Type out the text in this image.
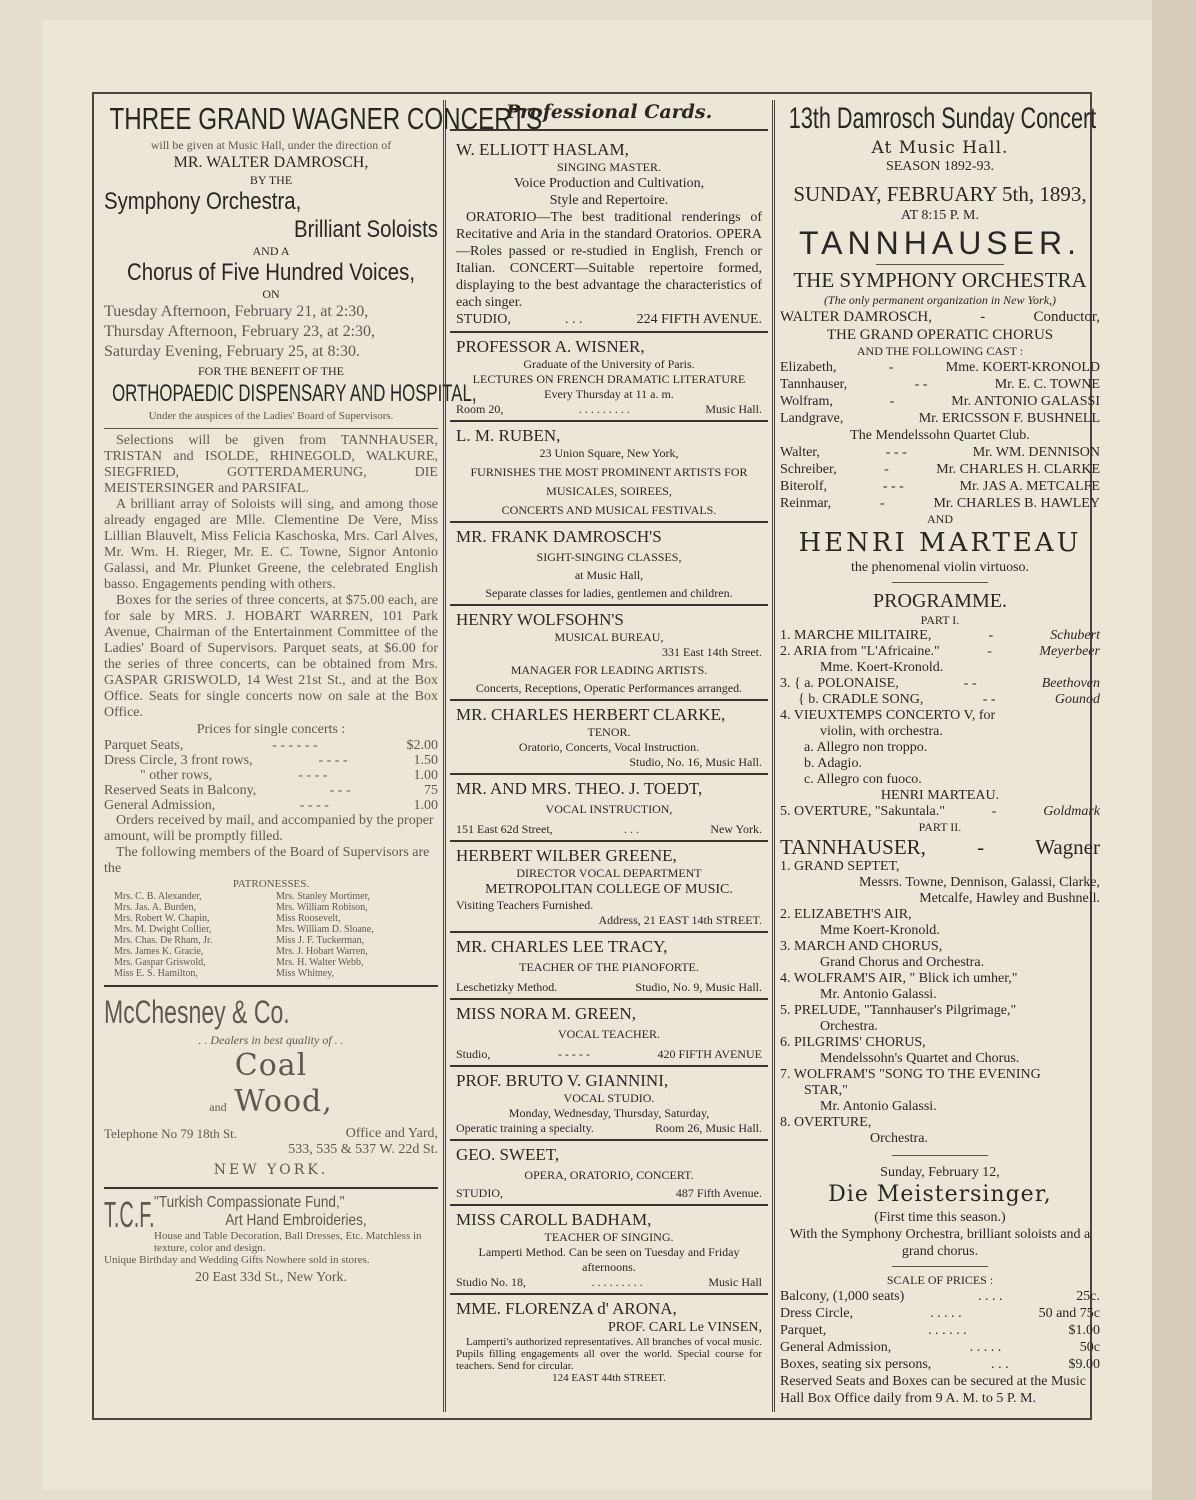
THREE GRAND WAGNER CONCERTS

will be given at Music Hall, under the direction of

MR. WALTER DAMROSCH,

BY THE

Symphony Orchestra,

Brilliant Soloists

AND A

Chorus of Five Hundred Voices,

ON

Tuesday Afternoon, February 21, at 2:30,

Thursday Afternoon, February 23, at 2:30,

Saturday Evening, February 25, at 8:30.

FOR THE BENEFIT OF THE

ORTHOPAEDIC DISPENSARY AND HOSPITAL,

Under the auspices of the Ladies' Board of Supervisors.

Selections will be given from TANNHAUSER, TRISTAN and ISOLDE, RHINEGOLD, WALKURE, SIEGFRIED, GOTTERDAMERUNG, DIE MEISTERSINGER and PARSIFAL.

A brilliant array of Soloists will sing, and among those already engaged are Mlle. Clementine De Vere, Miss Lillian Blauvelt, Miss Felicia Kaschoska, Mrs. Carl Alves, Mr. Wm. H. Rieger, Mr. E. C. Towne, Signor Antonio Galassi, and Mr. Plunket Greene, the celebrated English basso. Engagements pending with others.

Boxes for the series of three concerts, at $75.00 each, are for sale by MRS. J. HOBART WARREN, 101 Park Avenue, Chairman of the Entertainment Committee of the Ladies' Board of Supervisors. Parquet seats, at $6.00 for the series of three concerts, can be obtained from Mrs. GASPAR GRISWOLD, 14 West 21st St., and at the Box Office. Seats for single concerts now on sale at the Box Office.

Prices for single concerts :

Parquet Seats,	- - - - - -	$2.00
Dress Circle, 3 front rows,	- - - -	1.50
" other rows,	- - - -	1.00
Reserved Seats in Balcony,	- - -	75
General Admission,	- - - -	1.00

Orders received by mail, and accompanied by the proper amount, will be promptly filled.

The following members of the Board of Supervisors are the

PATRONESSES.

Mrs. C. B. Alexander,

Mrs. Jas. A. Burden,

Mrs. Robert W. Chapin,

Mrs. M. Dwight Collier,

Mrs. Chas. De Rham, Jr.

Mrs. James K. Gracie,

Mrs. Gaspar Griswold,

Miss E. S. Hamilton,

Mrs. Stanley Mortimer,

Mrs. William Robison,

Miss Roosevelt,

Mrs. William D. Sloane,

Miss J. F. Tuckerman,

Mrs. J. Hobart Warren,

Mrs. H. Walter Webb,

Miss Whitney,

McChesney & Co.

. . Dealers in best quality of . .

Coal

and Wood,

Telephone No 79 18th St.	Office and Yard,

533, 535 & 537 W. 22d St.

NEW YORK.

T.C.F. "Turkish Compassionate Fund,"

Art Hand Embroideries,

House and Table Decoration, Ball Dresses, Etc. Matchless in texture, color and design.

Unique Birthday and Wedding Gifts Nowhere sold in stores.

20 East 33d St., New York.

Professional Cards.

W. ELLIOTT HASLAM,

SINGING MASTER.

Voice Production and Cultivation,

Style and Repertoire.

ORATORIO—The best traditional renderings of Recitative and Aria in the standard Oratorios. OPERA—Roles passed or re-studied in English, French or Italian. CONCERT—Suitable repertoire formed, displaying to the best advantage the characteristics of each singer.

STUDIO,	. . .	224 FIFTH AVENUE.

PROFESSOR A. WISNER,

Graduate of the University of Paris.

LECTURES ON FRENCH DRAMATIC LITERATURE

Every Thursday at 11 a. m.

Room 20,	. . . . . . . . .	Music Hall.

L. M. RUBEN,

23 Union Square, New York,

FURNISHES THE MOST PROMINENT ARTISTS FOR

MUSICALES, SOIREES,

CONCERTS AND MUSICAL FESTIVALS.

MR. FRANK DAMROSCH'S

SIGHT-SINGING CLASSES,

at Music Hall,

Separate classes for ladies, gentlemen and children.

HENRY WOLFSOHN'S

MUSICAL BUREAU,

331 East 14th Street.

MANAGER FOR LEADING ARTISTS.

Concerts, Receptions, Operatic Performances arranged.

MR. CHARLES HERBERT CLARKE,

TENOR.

Oratorio, Concerts, Vocal Instruction.

Studio, No. 16, Music Hall.

MR. AND MRS. THEO. J. TOEDT,

VOCAL INSTRUCTION,

151 East 62d Street,	. . .	New York.

HERBERT WILBER GREENE,

DIRECTOR VOCAL DEPARTMENT

METROPOLITAN COLLEGE OF MUSIC.

Visiting Teachers Furnished.

Address, 21 EAST 14th STREET.

MR. CHARLES LEE TRACY,

TEACHER OF THE PIANOFORTE.

Leschetizky Method.	Studio, No. 9, Music Hall.

MISS NORA M. GREEN,

VOCAL TEACHER.

Studio,	- - - - -	420 FIFTH AVENUE

PROF. BRUTO V. GIANNINI,

VOCAL STUDIO.

Monday, Wednesday, Thursday, Saturday,

Operatic training a specialty.	Room 26, Music Hall.

GEO. SWEET,

OPERA, ORATORIO, CONCERT.

STUDIO,	487 Fifth Avenue.

MISS CAROLL BADHAM,

TEACHER OF SINGING.

Lamperti Method. Can be seen on Tuesday and Friday afternoons.

Studio No. 18,	. . . . . . . . .	Music Hall

MME. FLORENZA d' ARONA,

PROF. CARL Le VINSEN,

Lamperti's authorized representatives. All branches of vocal music. Pupils filling engagements all over the world. Special course for teachers. Send for circular.

124 EAST 44th STREET.

13th Damrosch Sunday Concert

At Music Hall.

SEASON 1892-93.

SUNDAY, FEBRUARY 5th, 1893,

AT 8:15 P. M.

TANNHAUSER.

THE SYMPHONY ORCHESTRA

(The only permanent organization in New York,)

WALTER DAMROSCH,	-	Conductor,

THE GRAND OPERATIC CHORUS

AND THE FOLLOWING CAST :

Elizabeth,	-	Mme. KOERT-KRONOLD
Tannhauser,	- -	Mr. E. C. TOWNE
Wolfram,	-	Mr. ANTONIO GALASSI
Landgrave,	Mr. ERICSSON F. BUSHNELL

The Mendelssohn Quartet Club.

Walter,	- - -	Mr. WM. DENNISON
Schreiber,	-	Mr. CHARLES H. CLARKE
Biterolf,	- - -	Mr. JAS A. METCALFE
Reinmar,	-	Mr. CHARLES B. HAWLEY

AND

HENRI MARTEAU

the phenomenal violin virtuoso.

PROGRAMME.

PART I.

1. MARCHE MILITAIRE,	-	Schubert
2. ARIA from "L'Africaine."	-	Meyerbeer

Mme. Koert-Kronold.

3. { a. POLONAISE,	- -	Beethoven
{ b. CRADLE SONG,	- -	Gounod

4. VIEUXTEMPS CONCERTO V, for

violin, with orchestra.

a. Allegro non troppo.

b. Adagio.

c. Allegro con fuoco.

HENRI MARTEAU.

5. OVERTURE, "Sakuntala."	-	Goldmark

PART II.

TANNHAUSER, - Wagner

1. GRAND SEPTET,

Messrs. Towne, Dennison, Galassi, Clarke, Metcalfe, Hawley and Bushnell.

2. ELIZABETH'S AIR,

Mme Koert-Kronold.

3. MARCH AND CHORUS,

Grand Chorus and Orchestra.

4. WOLFRAM'S AIR, " Blick ich umher,"

Mr. Antonio Galassi.

5. PRELUDE, "Tannhauser's Pilgrimage,"

Orchestra.

6. PILGRIMS' CHORUS,

Mendelssohn's Quartet and Chorus.

7. WOLFRAM'S "SONG TO THE EVENING

STAR,"

Mr. Antonio Galassi.

8. OVERTURE,

Orchestra.

Sunday, February 12,

Die Meistersinger,

(First time this season.)

With the Symphony Orchestra, brilliant soloists and a grand chorus.

SCALE OF PRICES :

Balcony, (1,000 seats)	. . . .	25c.
Dress Circle,	. . . . .	50 and 75c
Parquet,	. . . . . .	$1.00
General Admission,	. . . . .	50c
Boxes, seating six persons,	. . .	$9.00

Reserved Seats and Boxes can be secured at the Music Hall Box Office daily from 9 A. M. to 5 P. M.
